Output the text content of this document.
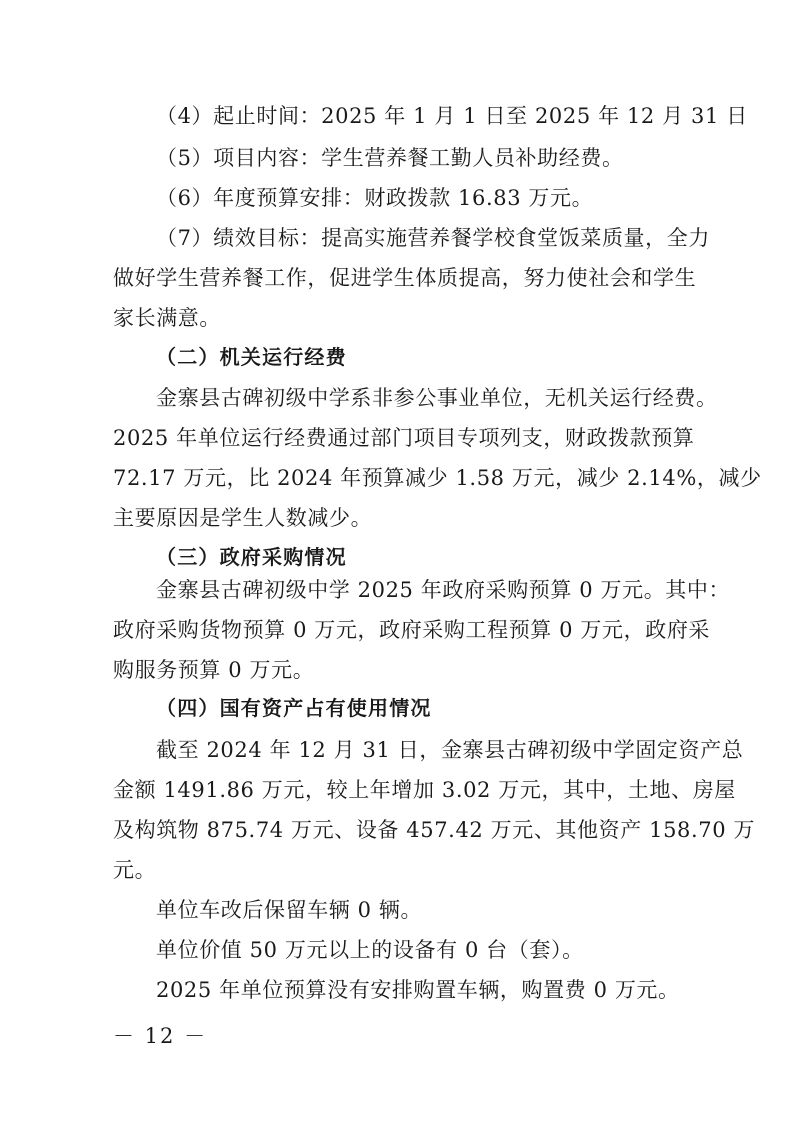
（4）起止时间：2025 年 1 月 1 日至 2025 年 12 月 31 日
（5）项目内容：学生营养餐工勤人员补助经费。
（6）年度预算安排：财政拨款 16.83 万元。
（7）绩效目标：提高实施营养餐学校食堂饭菜质量，全力
做好学生营养餐工作，促进学生体质提高，努力使社会和学生
家长满意。
（二）机关运行经费
金寨县古碑初级中学系非参公事业单位，无机关运行经费。
2025 年单位运行经费通过部门项目专项列支，财政拨款预算
72.17 万元，比 2024 年预算减少 1.58 万元，减少 2.14%，减少
主要原因是学生人数减少。
（三）政府采购情况
金寨县古碑初级中学 2025 年政府采购预算 0 万元。其中：
政府采购货物预算 0 万元，政府采购工程预算 0 万元，政府采
购服务预算 0 万元。
（四）国有资产占有使用情况
截至 2024 年 12 月 31 日，金寨县古碑初级中学固定资产总
金额 1491.86 万元，较上年增加 3.02 万元，其中，土地、房屋
及构筑物 875.74 万元、设备 457.42 万元、其他资产 158.70 万
元。
单位车改后保留车辆 0 辆。
单位价值 50 万元以上的设备有 0 台（套）。
2025 年单位预算没有安排购置车辆，购置费 0 万元。
－ 12 －
